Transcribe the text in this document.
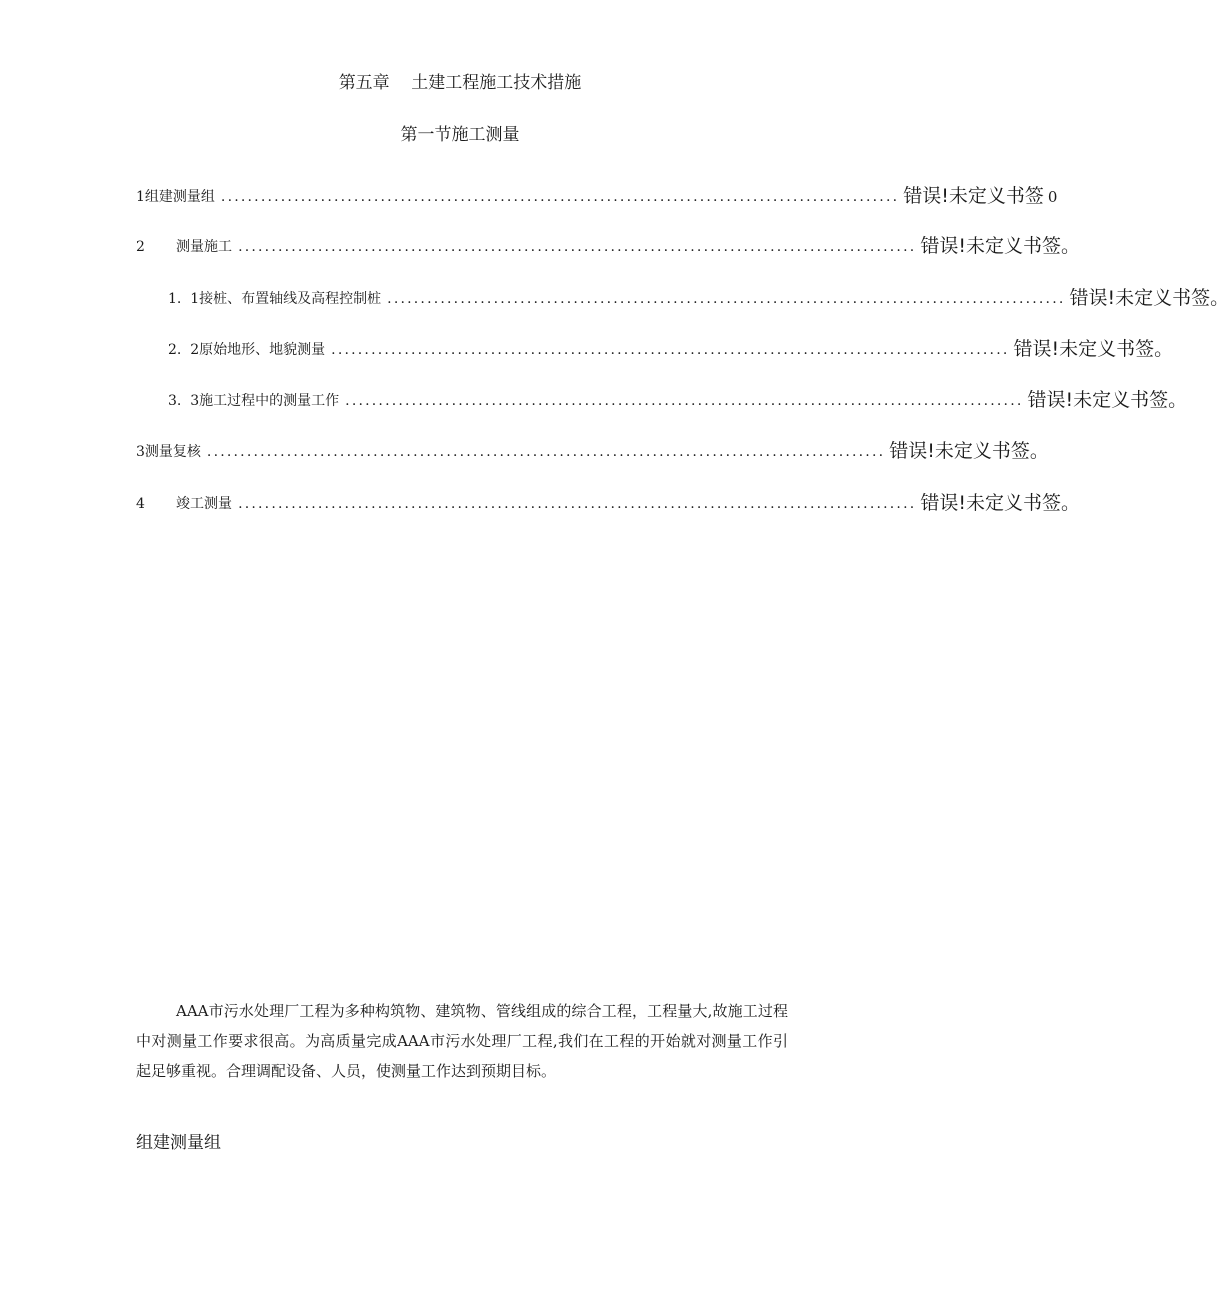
第五章    土建工程施工技术措施
第一节施工测量
1组建测量组 ...................................................................................................... 错误!未定义书签 0
2       测量施工 ...................................................................................................... 错误!未定义书签。
1.  1接桩、布置轴线及高程控制桩 ...................................................................................................... 错误!未定义书签。
2.  2原始地形、地貌测量 ...................................................................................................... 错误!未定义书签。
3.  3施工过程中的测量工作 ...................................................................................................... 错误!未定义书签。
3测量复核 ...................................................................................................... 错误!未定义书签。
4       竣工测量 ...................................................................................................... 错误!未定义书签。
AAA市污水处理厂工程为多种构筑物、建筑物、管线组成的综合工程，工程量大,故施工过程中对测量工作要求很高。为高质量完成AAA市污水处理厂工程,我们在工程的开始就对测量工作引起足够重视。合理调配设备、人员，使测量工作达到预期目标。
组建测量组
